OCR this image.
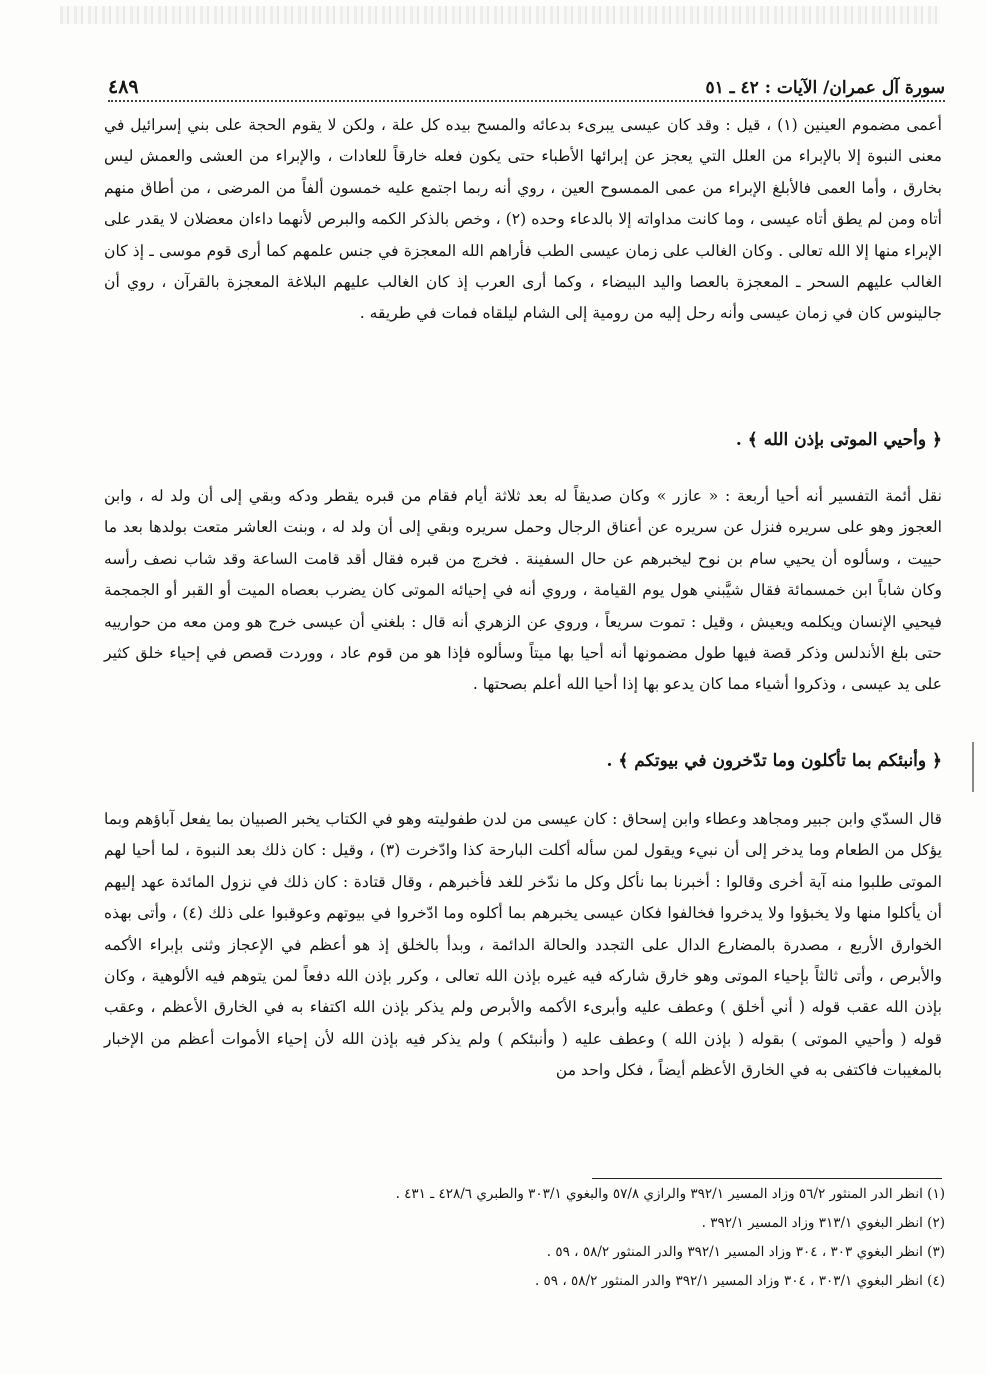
سورة آل عمران/ الآيات : ٤٢ ـ ٥١
٤٨٩

أعمى مضموم العينين (١) ، قيل : وقد كان عيسى يبرىء بدعائه والمسح بيده كل علة ، ولكن لا يقوم الحجة على بني إسرائيل في معنى النبوة إلا بالإبراء من العلل التي يعجز عن إبرائها الأطباء حتى يكون فعله خارقاً للعادات ، والإبراء من العشى والعمش ليس بخارق ، وأما العمى فالأبلغ الإبراء من عمى الممسوح العين ، روي أنه ربما اجتمع عليه خمسون ألفاً من المرضى ، من أطاق منهم أتاه ومن لم يطق أتاه عيسى ، وما كانت مداواته إلا بالدعاء وحده (٢) ، وخص بالذكر الكمه والبرص لأنهما داءان معضلان لا يقدر على الإبراء منها إلا الله تعالى . وكان الغالب على زمان عيسى الطب فأراهم الله المعجزة في جنس علمهم كما أرى قوم موسى ـ إذ كان الغالب عليهم السحر ـ المعجزة بالعصا واليد البيضاء ، وكما أرى العرب إذ كان الغالب عليهم البلاغة المعجزة بالقرآن ، روي أن جالينوس كان في زمان عيسى وأنه رحل إليه من رومية إلى الشام ليلقاه فمات في طريقه .

﴿ وأحيي الموتى بإذن الله ﴾ .

نقل أئمة التفسير أنه أحيا أربعة : « عازر » وكان صديقاً له بعد ثلاثة أيام فقام من قبره يقطر ودكه وبقي إلى أن ولد له ، وابن العجوز وهو على سريره فنزل عن سريره عن أعناق الرجال وحمل سريره وبقي إلى أن ولد له ، وبنت العاشر متعت بولدها بعد ما حييت ، وسألوه أن يحيي سام بن نوح ليخبرهم عن حال السفينة . فخرج من قبره فقال أقد قامت الساعة وقد شاب نصف رأسه وكان شاباً ابن خمسمائة فقال شيَّبني هول يوم القيامة ، وروي أنه في إحيائه الموتى كان يضرب بعصاه الميت أو القبر أو الجمجمة فيحيي الإنسان ويكلمه ويعيش ، وقيل : تموت سريعاً ، وروي عن الزهري أنه قال : بلغني أن عيسى خرج هو ومن معه من حوارييه حتى بلغ الأندلس وذكر قصة فيها طول مضمونها أنه أحيا بها ميتاً وسألوه فإذا هو من قوم عاد ، ووردت قصص في إحياء خلق كثير على يد عيسى ، وذكروا أشياء مما كان يدعو بها إذا أحيا الله أعلم بصحتها .

﴿ وأنبئكم بما تأكلون وما تدّخرون في بيوتكم ﴾ .

قال السدّي وابن جبير ومجاهد وعطاء وابن إسحاق : كان عيسى من لدن طفوليته وهو في الكتاب يخبر الصبيان بما يفعل آباؤهم وبما يؤكل من الطعام وما يدخر إلى أن نبيء ويقول لمن سأله أكلت البارحة كذا وادّخرت (٣) ، وقيل : كان ذلك بعد النبوة ، لما أحيا لهم الموتى طلبوا منه آية أخرى وقالوا : أخبرنا بما نأكل وكل ما ندّخر للغد فأخبرهم ، وقال قتادة : كان ذلك في نزول المائدة عهد إليهم أن يأكلوا منها ولا يخبؤوا ولا يدخروا فخالفوا فكان عيسى يخبرهم بما أكلوه وما ادّخروا في بيوتهم وعوقبوا على ذلك (٤) ، وأتى بهذه الخوارق الأربع ، مصدرة بالمضارع الدال على التجدد والحالة الدائمة ، وبدأ بالخلق إذ هو أعظم في الإعجاز وثنى بإبراء الأكمه والأبرص ، وأتى ثالثاً بإحياء الموتى وهو خارق شاركه فيه غيره بإذن الله تعالى ، وكرر بإذن الله دفعاً لمن يتوهم فيه الألوهية ، وكان بإذن الله عقب قوله ( أني أخلق ) وعطف عليه وأبرىء الأكمه والأبرص ولم يذكر بإذن الله اكتفاء به في الخارق الأعظم ، وعقب قوله ( وأحيي الموتى ) بقوله ( بإذن الله ) وعطف عليه ( وأنبئكم ) ولم يذكر فيه بإذن الله لأن إحياء الأموات أعظم من الإخبار بالمغيبات فاكتفى به في الخارق الأعظم أيضاً ، فكل واحد من

(١) انظر الدر المنثور ٥٦/٢ وزاد المسير ٣٩٢/١ والرازي ٥٧/٨ والبغوي ٣٠٣/١ والطبري ٤٢٨/٦ ـ ٤٣١ .

(٢) انظر البغوي ٣١٣/١ وزاد المسير ٣٩٢/١ .

(٣) انظر البغوي ٣٠٣ ، ٣٠٤ وزاد المسير ٣٩٢/١ والدر المنثور ٥٨/٢ ، ٥٩ .

(٤) انظر البغوي ٣٠٣/١ ، ٣٠٤ وزاد المسير ٣٩٢/١ والدر المنثور ٥٨/٢ ، ٥٩ .
